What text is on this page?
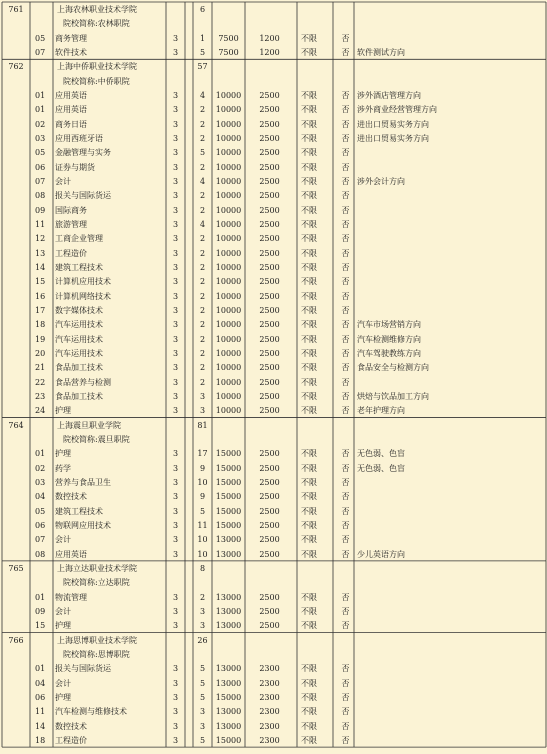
761	上海农林职业技术学院	6
院校简称:农林职院
05 商务管理	3	1	7500	1200	不限	否
07 软件技术	3	5	7500	1200	不限	否 软件测试方向
762	上海中侨职业技术学院	57
院校简称:中侨职院
01 应用英语	3	4	10000	2500	不限	否 涉外酒店管理方向
01 应用英语	3	2	10000	2500	不限	否 涉外商业经营管理方向
02 商务日语	3	2	10000	2500	不限	否 进出口贸易实务方向
03 应用西班牙语	3	2	10000	2500	不限	否 进出口贸易实务方向
05 金融管理与实务	3	5	10000	2500	不限	否
06 证券与期货	3	2	10000	2500	不限	否
07 会计	3	4	10000	2500	不限	否 涉外会计方向
08 报关与国际货运	3	2	10000	2500	不限	否
09 国际商务	3	2	10000	2500	不限	否
11 旅游管理	3	4	10000	2500	不限	否
12 工商企业管理	3	2	10000	2500	不限	否
13 工程造价	3	2	10000	2500	不限	否
14 建筑工程技术	3	2	10000	2500	不限	否
15 计算机应用技术	3	2	10000	2500	不限	否
16 计算机网络技术	3	2	10000	2500	不限	否
17 数字媒体技术	3	2	10000	2500	不限	否
18 汽车运用技术	3	2	10000	2500	不限	否 汽车市场营销方向
19 汽车运用技术	3	2	10000	2500	不限	否 汽车检测维修方向
20 汽车运用技术	3	2	10000	2500	不限	否 汽车驾驶教练方向
21 食品加工技术	3	2	10000	2500	不限	否 食品安全与检测方向
22 食品营养与检测	3	2	10000	2500	不限	否
23 食品加工技术	3	3	10000	2500	不限	否 烘焙与饮品加工方向
24 护理	3	3	10000	2500	不限	否 老年护理方向
764	上海震旦职业学院	81
院校简称:震旦职院
01 护理	3	17	15000	2500	不限	否 无色弱、色盲
02 药学	3	9	15000	2500	不限	否 无色弱、色盲
03 营养与食品卫生	3	10	15000	2500	不限	否
04 数控技术	3	9	15000	2500	不限	否
05 建筑工程技术	3	5	15000	2500	不限	否
06 物联网应用技术	3	11	15000	2500	不限	否
07 会计	3	10	13000	2500	不限	否
08 应用英语	3	10	13000	2500	不限	否 少儿英语方向
765	上海立达职业技术学院	8
院校简称:立达职院
01 物流管理	3	2	13000	2500	不限	否
09 会计	3	3	13000	2500	不限	否
15 护理	3	3	13000	2500	不限	否
766	上海思博职业技术学院	26
院校简称:思博职院
01 报关与国际货运	3	5	13000	2300	不限	否
04 会计	3	5	13000	2300	不限	否
06 护理	3	5	15000	2300	不限	否
11 汽车检测与维修技术	3	3	13000	2300	不限	否
14 数控技术	3	3	13000	2300	不限	否
18 工程造价	3	5	15000	2300	不限	否
